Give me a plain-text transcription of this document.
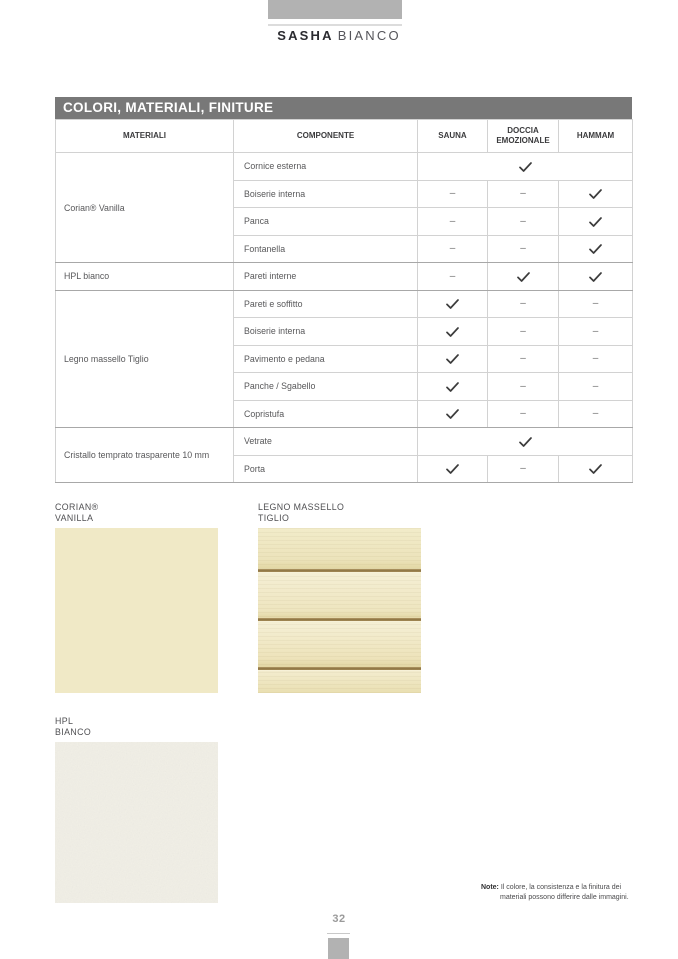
SASHA BIANCO
COLORI, MATERIALI, FINITURE
MATERIALI	COMPONENTE	SAUNA	DOCCIA EMOZIONALE	HAMMAM
Corian® Vanilla	Cornice esterna	
	Boiserie interna	–	–	
	Panca	–	–	
	Fontanella	–	–	
HPL bianco	Pareti interne	–		
Legno massello Tiglio	Pareti e soffitto		–	–
	Boiserie interna		–	–
	Pavimento e pedana		–	–
	Panche / Sgabello		–	–
	Copristufa		–	–
Cristallo temprato trasparente 10 mm	Vetrate	
	Porta		–	
CORIAN®
VANILLA
LEGNO MASSELLO
TIGLIO
HPL
BIANCO
Note: Il colore, la consistenza e la finitura dei materiali possono differire dalle immagini.
32
